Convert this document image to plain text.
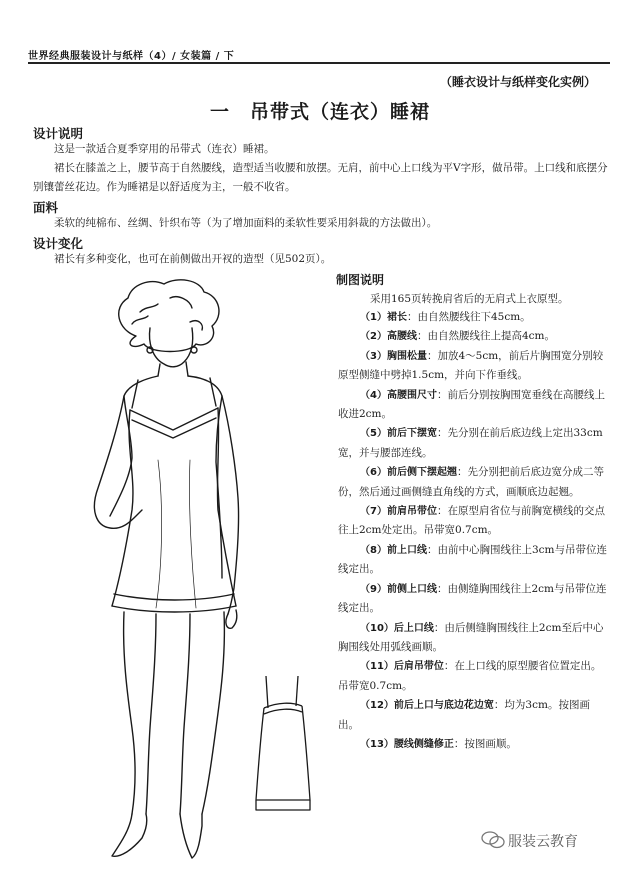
世界经典服装设计与纸样（4）/ 女装篇 / 下
（睡衣设计与纸样变化实例）
一　吊带式（连衣）睡裙
设计说明
这是一款适合夏季穿用的吊带式（连衣）睡裙。
裙长在膝盖之上，腰节高于自然腰线，造型适当收腰和放摆。无肩，前中心上口线为平V字形，做吊带。上口线和底摆分别镶蕾丝花边。作为睡裙是以舒适度为主，一般不收省。
面料
柔软的纯棉布、丝绸、针织布等（为了增加面料的柔软性要采用斜裁的方法做出）。
设计变化
裙长有多种变化，也可在前侧做出开衩的造型（见502页）。
制图说明
采用165页转挽肩省后的无肩式上衣原型。

（1）裙长：由自然腰线往下45cm。

（2）高腰线：由自然腰线往上提高4cm。

（3）胸围松量：加放4～5cm，前后片胸围宽分别较原型侧缝中劈掉1.5cm，并向下作垂线。

（4）高腰围尺寸：前后分别按胸围宽垂线在高腰线上收进2cm。

（5）前后下摆宽：先分别在前后底边线上定出33cm宽，并与腰部连线。

（6）前后侧下摆起翘：先分别把前后底边宽分成二等份，然后通过画侧缝直角线的方式，画顺底边起翘。

（7）前肩吊带位：在原型肩省位与前胸宽横线的交点往上2cm处定出。吊带宽0.7cm。

（8）前上口线：由前中心胸围线往上3cm与吊带位连线定出。

（9）前侧上口线：由侧缝胸围线往上2cm与吊带位连线定出。

（10）后上口线：由后侧缝胸围线往上2cm至后中心胸围线处用弧线画顺。

（11）后肩吊带位：在上口线的原型腰省位置定出。吊带宽0.7cm。

（12）前后上口与底边花边宽：均为3cm。按图画出。

（13）腰线侧缝修正：按图画顺。

服装云教育
